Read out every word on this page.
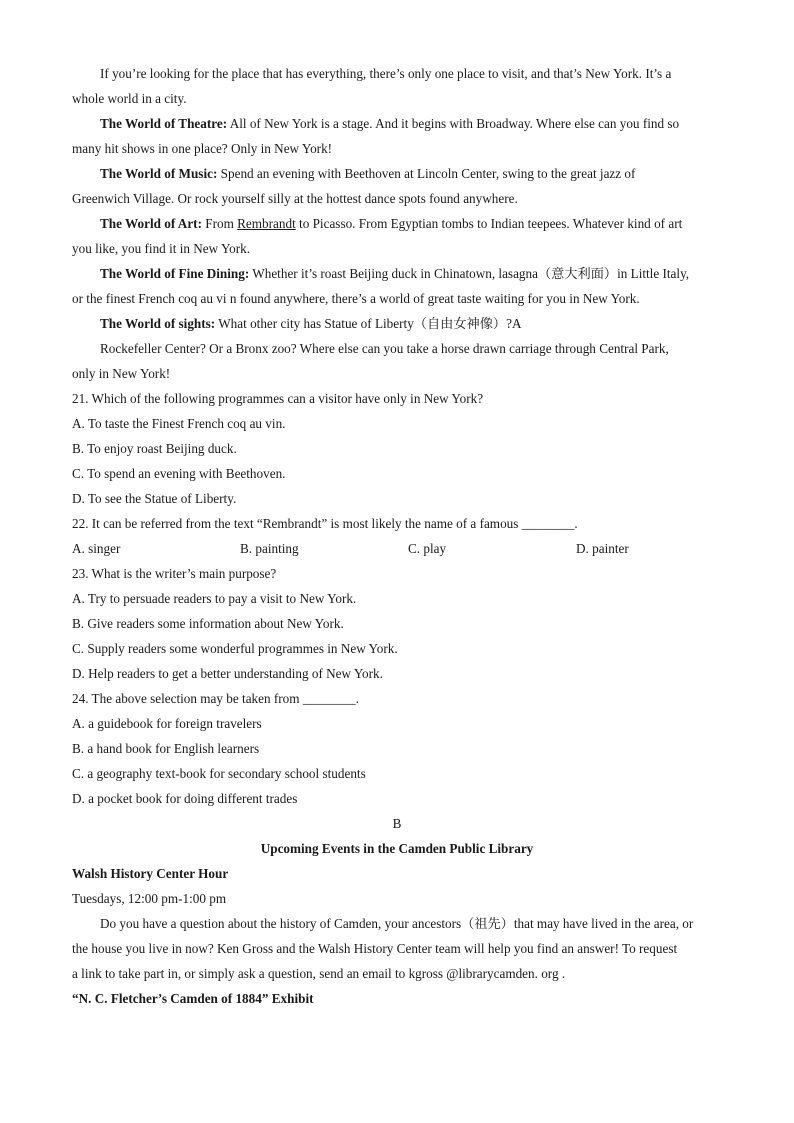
If you’re looking for the place that has everything, there’s only one place to visit, and that’s New York. It’s a
whole world in a city.
The World of Theatre: All of New York is a stage. And it begins with Broadway. Where else can you find so
many hit shows in one place? Only in New York!
The World of Music: Spend an evening with Beethoven at Lincoln Center, swing to the great jazz of
Greenwich Village. Or rock yourself silly at the hottest dance spots found anywhere.
The World of Art: From Rembrandt to Picasso. From Egyptian tombs to Indian teepees. Whatever kind of art
you like, you find it in New York.
The World of Fine Dining: Whether it’s roast Beijing duck in Chinatown, lasagna（意大利面）in Little Italy,
or the finest French coq au vi n found anywhere, there’s a world of great taste waiting for you in New York.
The World of sights: What other city has Statue of Liberty（自由女神像）?A
Rockefeller Center? Or a Bronx zoo? Where else can you take a horse drawn carriage through Central Park,
only in New York!
21. Which of the following programmes can a visitor have only in New York?
A. To taste the Finest French coq au vin.
B. To enjoy roast Beijing duck.
C. To spend an evening with Beethoven.
D. To see the Statue of Liberty.
22. It can be referred from the text “Rembrandt” is most likely the name of a famous ________.
A. singer	B. painting	C. play	D. painter
23. What is the writer’s main purpose?
A. Try to persuade readers to pay a visit to New York.
B. Give readers some information about New York.
C. Supply readers some wonderful programmes in New York.
D. Help readers to get a better understanding of New York.
24. The above selection may be taken from ________.
A. a guidebook for foreign travelers
B. a hand book for English learners
C. a geography text-book for secondary school students
D. a pocket book for doing different trades
B
Upcoming Events in the Camden Public Library
Walsh History Center Hour
Tuesdays, 12:00 pm-1:00 pm
Do you have a question about the history of Camden, your ancestors（祖先）that may have lived in the area, or
the house you live in now? Ken Gross and the Walsh History Center team will help you find an answer! To request
a link to take part in, or simply ask a question, send an email to kgross @librarycamden. org .
“N. C. Fletcher’s Camden of 1884” Exhibit
